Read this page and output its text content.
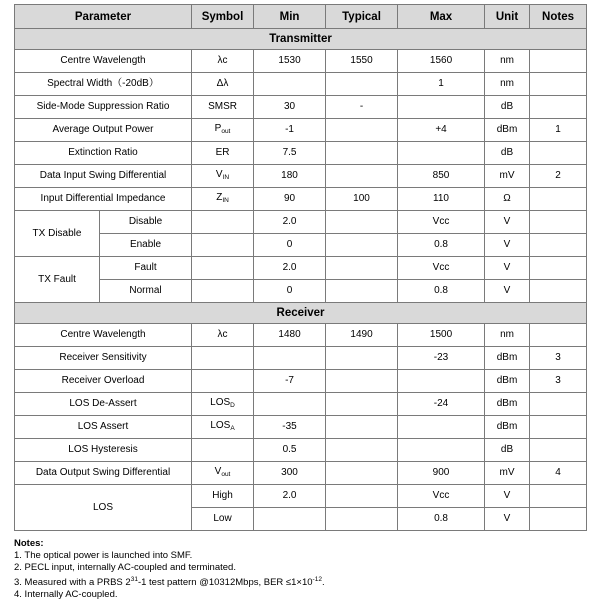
Parameter		Symbol	Min	Typical	Max	Unit	Notes
Transmitter							
Centre Wavelength		λc	1530	1550	1560	nm	
Spectral Width（-20dB）		Δλ			1	nm	
Side-Mode Suppression Ratio		SMSR	30	-		dB	
Average Output Power		$P_{out}$	-1		+4	dBm	1
Extinction Ratio		ER	7.5			dB	
Data Input Swing Differential		$V_{IN}$	180		850	mV	2
Input Differential Impedance		$Z_{IN}$	90	100	110	Ω	
TX Disable	Disable		2.0		Vcc	V	
	Enable		0		0.8	V	
TX Fault	Fault		2.0		Vcc	V	
	Normal		0		0.8	V	
Receiver							
Centre Wavelength		λc	1480	1490	1500	nm	
Receiver Sensitivity					-23	dBm	3
Receiver Overload			-7			dBm	3
LOS De-Assert		$LOS_D$			-24	dBm	
LOS Assert		$LOS_A$	-35			dBm	
LOS Hysteresis			0.5			dB	
Data Output Swing Differential		$V_{out}$	300		900	mV	4
LOS		High	2.0		Vcc	V	
		Low			0.8	V	
Notes:
1. The optical power is launched into SMF.
2. PECL input, internally AC-coupled and terminated.
3. Measured with a PRBS $2^{31}-1$ test pattern @10312Mbps, BER $\le 1\times 10^{-12}$.
4. Internally AC-coupled.
